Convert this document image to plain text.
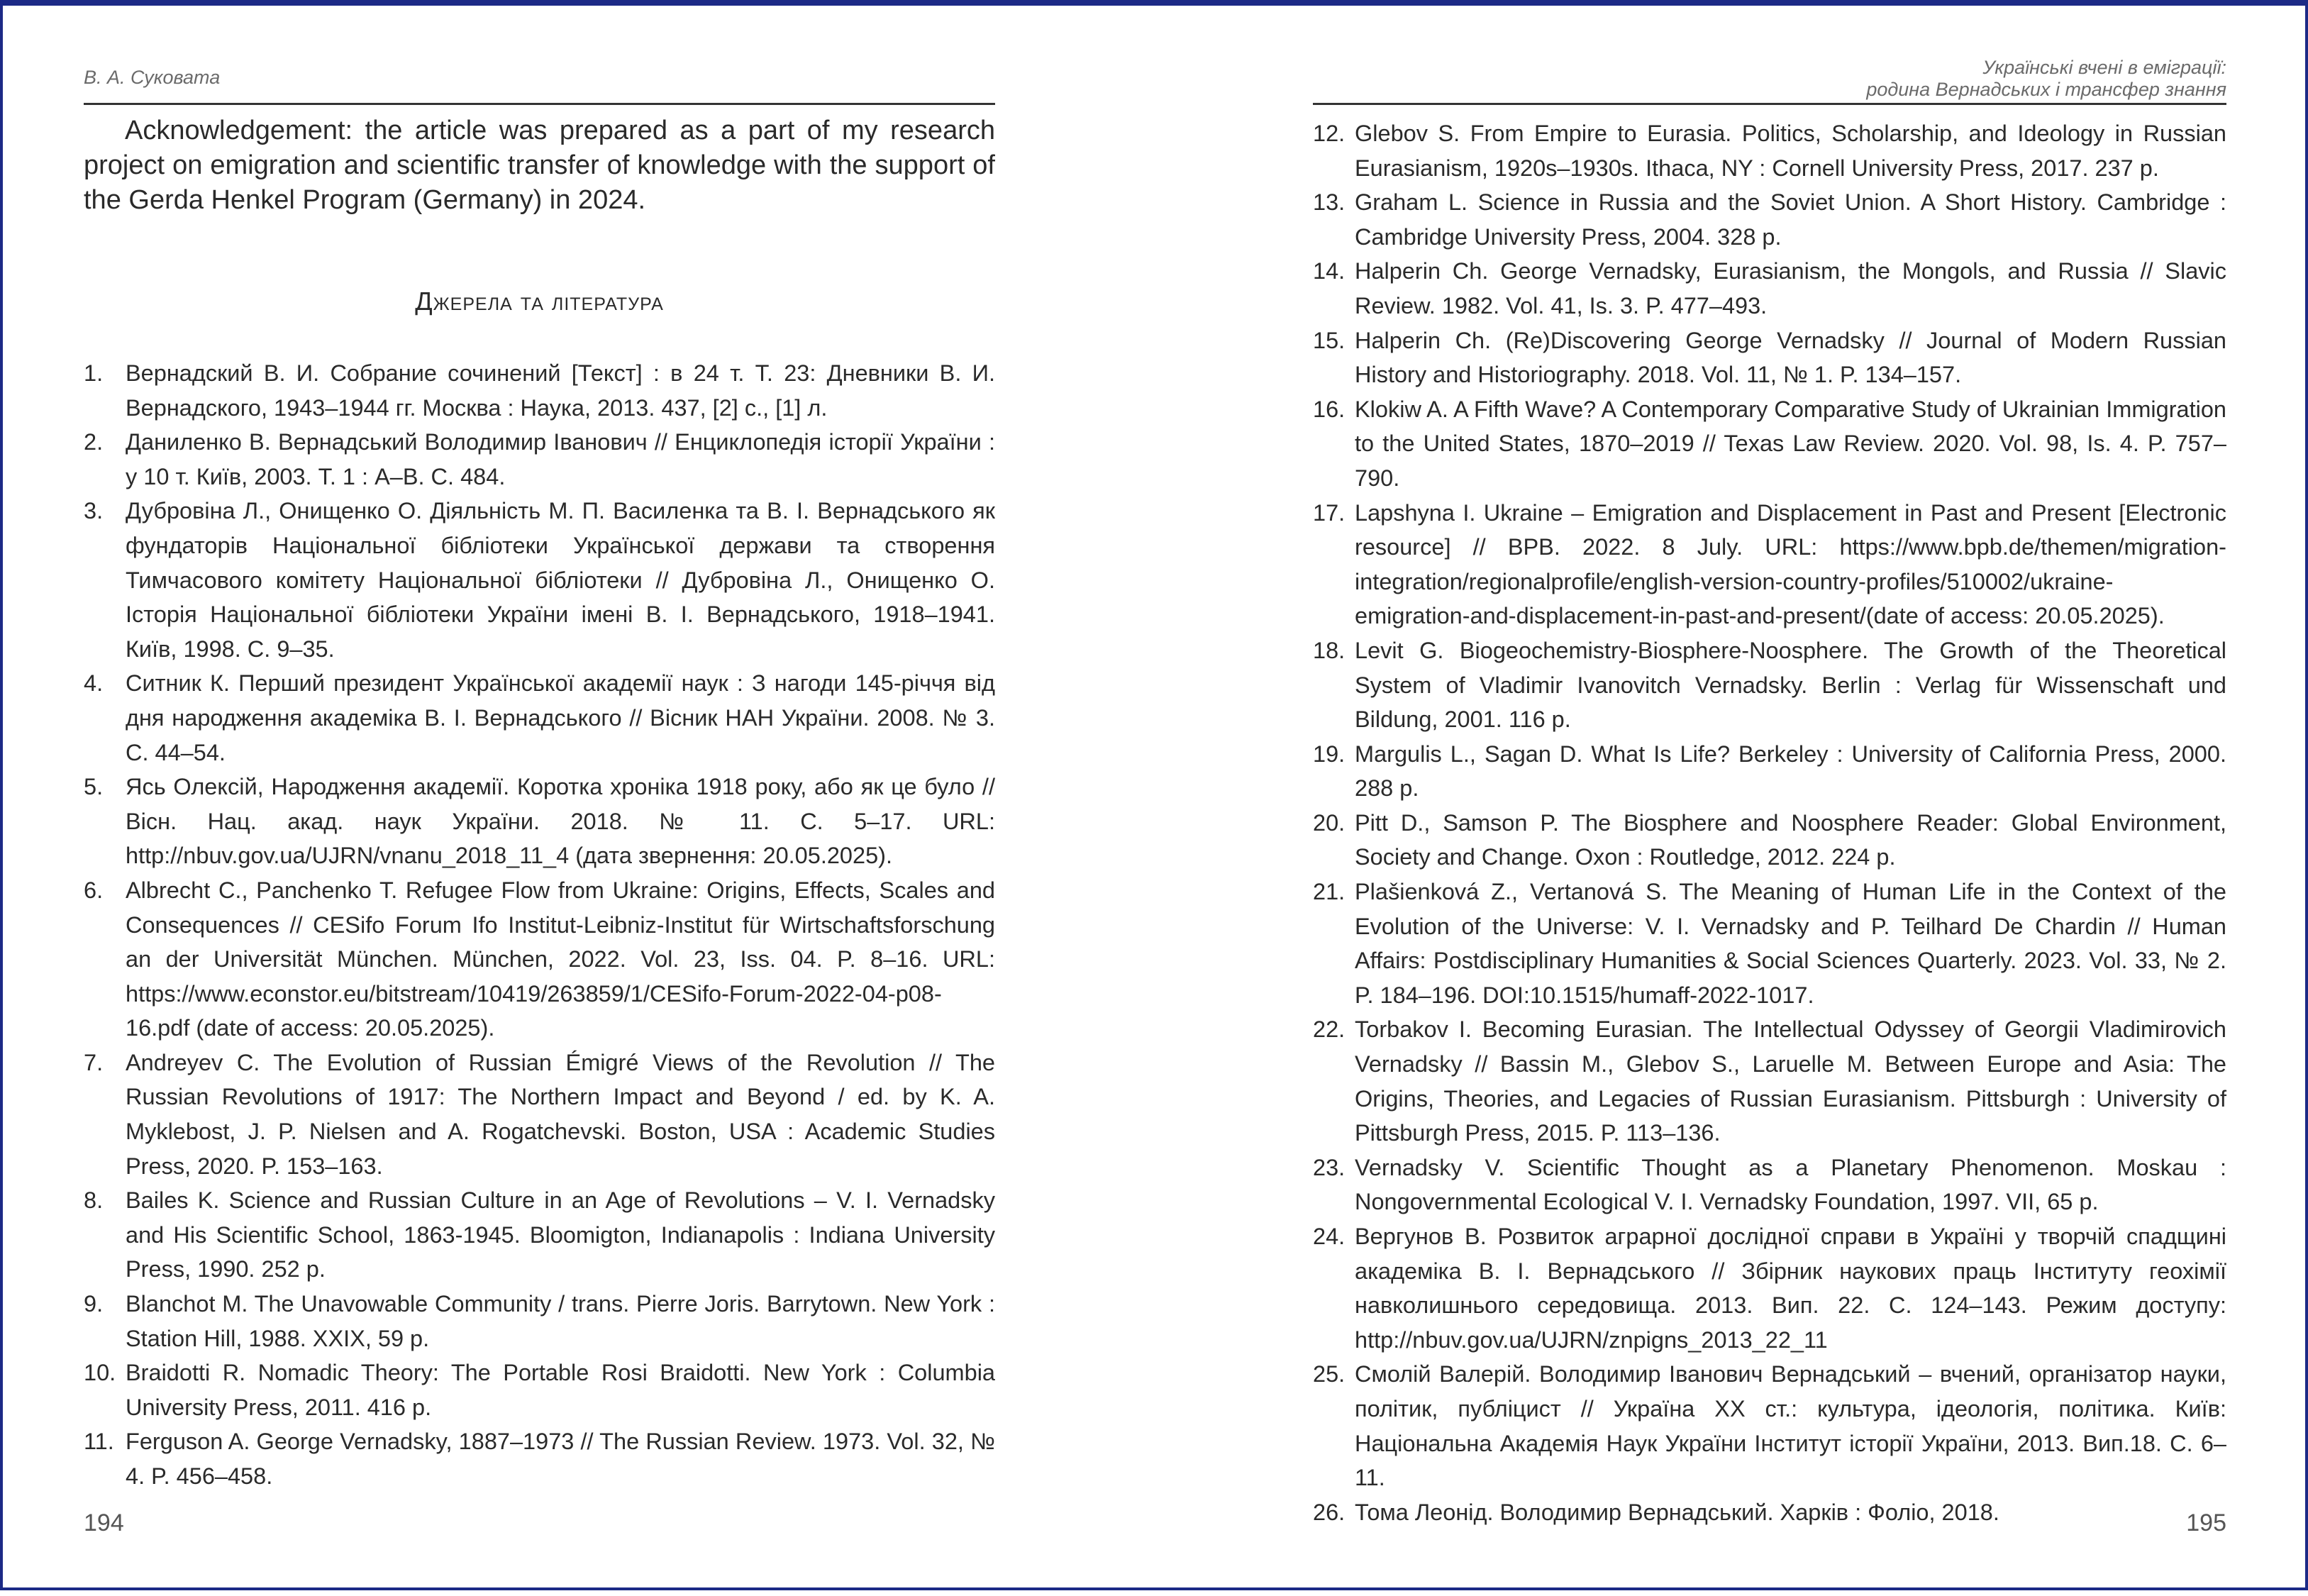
В. А. Суковата

Acknowledgement: the article was prepared as a part of my research project on emigration and scientific transfer of knowledge with the support of the Gerda Henkel Program (Germany) in 2024.

Джерела та література
1. Вернадский В. И. Собрание сочинений [Текст] : в 24 т. Т. 23: Дневники В. И. Вернадского, 1943–1944 гг. Москва : Наука, 2013. 437, [2] с., [1] л.
2. Даниленко В. Вернадський Володимир Іванович // Енциклопедія історії України : у 10 т. Київ, 2003. Т. 1 : А–В. С. 484.
3. Дубровіна Л., Онищенко О. Діяльність М. П. Василенка та В. І. Вернадського як фундаторів Національної бібліотеки Української держави та створення Тимчасового комітету Національної бібліотеки // Дубровіна Л., Онищенко О. Історія Національної бібліотеки України імені В. І. Вернадського, 1918–1941. Київ, 1998. С. 9–35.
4. Ситник К. Перший президент Української академії наук : З нагоди 145-річчя від дня народження академіка В. І. Вернадського // Вісник НАН України. 2008. № 3. С. 44–54.
5. Ясь Олексій, Народження академії. Коротка хроніка 1918 року, або як це було // Вісн. Нац. акад. наук України. 2018. № 11. С. 5–17. URL: http://nbuv.gov.ua/UJRN/vnanu_2018_11_4 (дата звернення: 20.05.2025).
6. Albrecht C., Panchenko T. Refugee Flow from Ukraine: Origins, Effects, Scales and Consequences // CESifo Forum Ifo Institut-Leibniz-Institut für Wirtschaftsforschung an der Universität München. München, 2022. Vol. 23, Iss. 04. P. 8–16. URL: https://www.econstor.eu/bitstream/10419/263859/1/CESifo-Forum-2022-04-p08-16.pdf (date of access: 20.05.2025).
7. Andreyev C. The Evolution of Russian Émigré Views of the Revolution // The Russian Revolutions of 1917: The Northern Impact and Beyond / ed. by K. A. Myklebost, J. P. Nielsen and A. Rogatchevski. Boston, USA : Academic Studies Press, 2020. P. 153–163.
8. Bailes K. Science and Russian Culture in an Age of Revolutions – V. I. Vernadsky and His Scientific School, 1863-1945. Bloomigton, Indianapolis : Indiana University Press, 1990. 252 p.
9. Blanchot M. The Unavowable Community / trans. Pierre Joris. Barrytown. New York : Station Hill, 1988. XXIX, 59 p.
10. Braidotti R. Nomadic Theory: The Portable Rosi Braidotti. New York : Columbia University Press, 2011. 416 p.
11. Ferguson A. George Vernadsky, 1887–1973 // The Russian Review. 1973. Vol. 32, № 4. P. 456–458.
194
Українські вчені в еміграції:
родина Вернадських і трансфер знання
12. Glebov S. From Empire to Eurasia. Politics, Scholarship, and Ideology in Russian Eurasianism, 1920s–1930s. Ithaca, NY : Cornell University Press, 2017. 237 p.
13. Graham L. Science in Russia and the Soviet Union. A Short History. Cambridge : Cambridge University Press, 2004. 328 p.
14. Halperin Ch. George Vernadsky, Eurasianism, the Mongols, and Russia // Slavic Review. 1982. Vol. 41, Is. 3. P. 477–493.
15. Halperin Ch. (Re)Discovering George Vernadsky // Journal of Modern Russian History and Historiography. 2018. Vol. 11, № 1. P. 134–157.
16. Klokiw A. A Fifth Wave? A Contemporary Comparative Study of Ukrainian Immigration to the United States, 1870–2019 // Texas Law Review. 2020. Vol. 98, Is. 4. P. 757–790.
17. Lapshyna I. Ukraine – Emigration and Displacement in Past and Present [Electronic resource] // BPB. 2022. 8 July. URL: https://www.bpb.de/themen/migration-integration/regionalprofile/english-version-country-profiles/510002/ukraine-emigration-and-displacement-in-past-and-present/(date of access: 20.05.2025).
18. Levit G. Biogeochemistry-Biosphere-Noosphere. The Growth of the Theoretical System of Vladimir Ivanovitch Vernadsky. Berlin : Verlag für Wissenschaft und Bildung, 2001. 116 p.
19. Margulis L., Sagan D. What Is Life? Berkeley : University of California Press, 2000. 288 p.
20. Pitt D., Samson P. The Biosphere and Noosphere Reader: Global Environment, Society and Change. Oxon : Routledge, 2012. 224 p.
21. Plašienková Z., Vertanová S. The Meaning of Human Life in the Context of the Evolution of the Universe: V. I. Vernadsky and P. Teilhard De Chardin // Human Affairs: Postdisciplinary Humanities & Social Sciences Quarterly. 2023. Vol. 33, № 2. P. 184–196. DOI:10.1515/humaff-2022-1017.
22. Torbakov I. Becoming Eurasian. The Intellectual Odyssey of Georgii Vladimirovich Vernadsky // Bassin M., Glebov S., Laruelle M. Between Europe and Asia: The Origins, Theories, and Legacies of Russian Eurasianism. Pittsburgh : University of Pittsburgh Press, 2015. P. 113–136.
23. Vernadsky V. Scientific Thought as a Planetary Phenomenon. Moskau : Nongovernmental Ecological V. I. Vernadsky Foundation, 1997. VII, 65 p.
24. Вергунов В. Розвиток аграрної дослідної справи в Україні у творчій спадщині академіка В. І. Вернадського // Збірник наукових праць Інституту геохімії навколишнього середовища. 2013. Вип. 22. С. 124–143. Режим доступу: http://nbuv.gov.ua/UJRN/znpigns_2013_22_11
25. Смолій Валерій. Володимир Іванович Вернадський – вчений, організатор науки, політик, публіцист // Україна XX ст.: культура, ідеологія, політика. Київ: Національна Академія Наук України Інститут історії України, 2013. Вип.18. С. 6–11.
26. Тома Леонід. Володимир Вернадський. Харків : Фоліо, 2018.	195
